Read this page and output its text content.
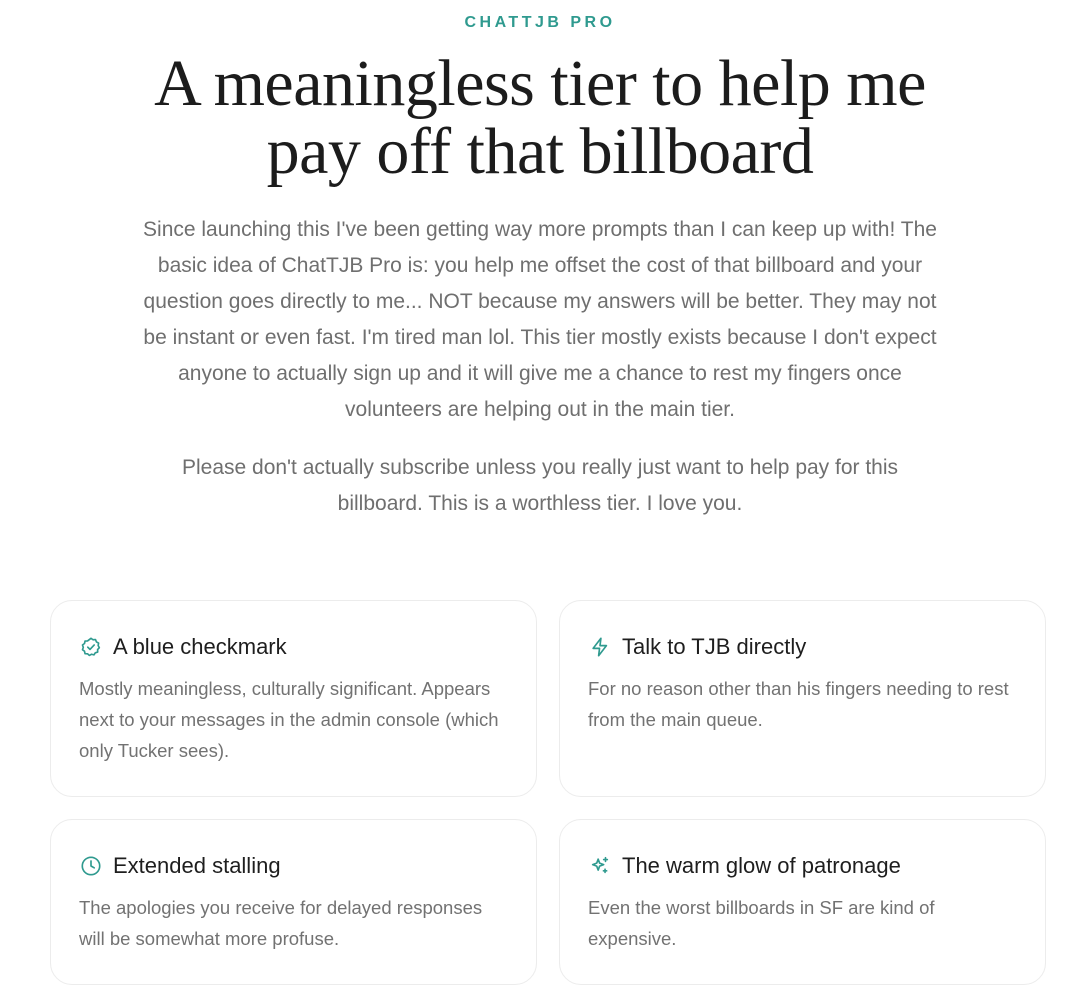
CHATTJB PRO
A meaningless tier to help me
pay off that billboard

Since launching this I've been getting way more prompts than I can keep up with! The basic idea of ChatTJB Pro is: you help me offset the cost of that billboard and your question goes directly to me... NOT because my answers will be better. They may not be instant or even fast. I'm tired man lol. This tier mostly exists because I don't expect anyone to actually sign up and it will give me a chance to rest my fingers once volunteers are helping out in the main tier.

Please don't actually subscribe unless you really just want to help pay for this billboard. This is a worthless tier. I love you.

A blue checkmark

Mostly meaningless, culturally significant. Appears next to your messages in the admin console (which only Tucker sees).

Talk to TJB directly

For no reason other than his fingers needing to rest from the main queue.

Extended stalling

The apologies you receive for delayed responses will be somewhat more profuse.

The warm glow of patronage

Even the worst billboards in SF are kind of expensive.
